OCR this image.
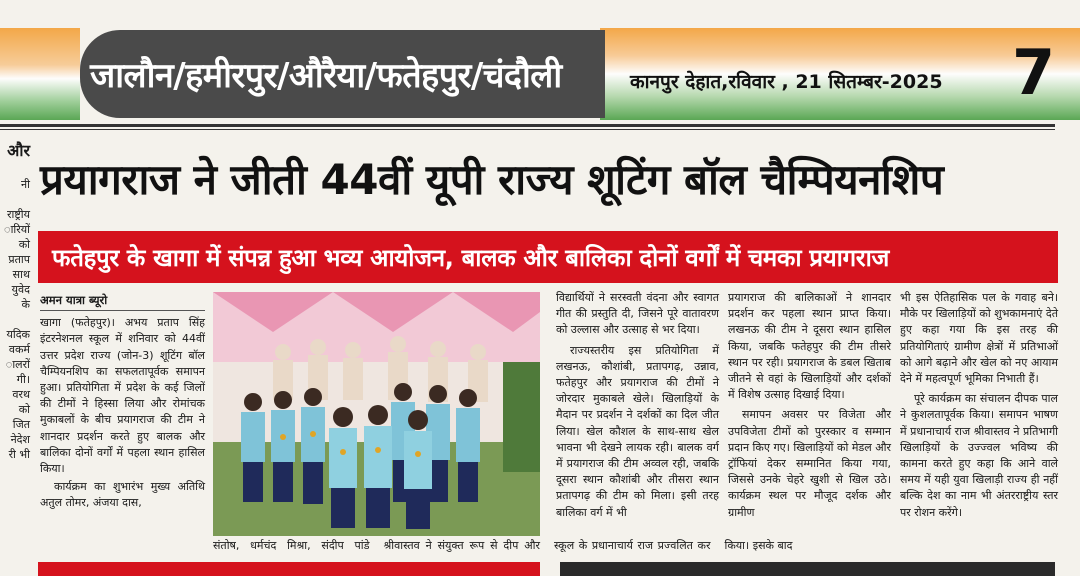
जालौन/हमीरपुर/औरैया/फतेहपुर/चंदौली	कानपुर देहात,रविवार , 21 सितम्बर-2025 7
और

नी

राष्ट्रीय
ारियों
को
प्रताप
साथ
युवेद
के

यदिक
वकर्म
ालरों
गी।
वरथ
को
जित
नेदेश
री भी
प्रयागराज ने जीती 44वीं यूपी राज्य शूटिंग बॉल चैम्पियनशिप
फतेहपुर के खागा में संपन्न हुआ भव्य आयोजन, बालक और बालिका दोनों वर्गों में चमका प्रयागराज
अमन यात्रा ब्यूरो

खागा (फतेहपुर)। अभय प्रताप सिंह इंटरनेशनल स्कूल में शनिवार को 44वीं उत्तर प्रदेश राज्य (जोन-3) शूटिंग बॉल चैम्पियनशिप का सफलतापूर्वक समापन हुआ। प्रतियोगिता में प्रदेश के कई जिलों की टीमों ने हिस्सा लिया और रोमांचक मुकाबलों के बीच प्रयागराज की टीम ने शानदार प्रदर्शन करते हुए बालक और बालिका दोनों वर्गों में पहला स्थान हासिल किया।

कार्यक्रम का शुभारंभ मुख्य अतिथि अतुल तोमर, अंजया दास,

संतोष, धर्मचंद मिश्रा, संदीप पांडे श्रीवास्तव ने संयुक्त रूप से दीप और स्कूल के प्रधानाचार्य राज प्रज्वलित कर किया। इसके बाद

विद्यार्थियों ने सरस्वती वंदना और स्वागत गीत की प्रस्तुति दी, जिसने पूरे वातावरण को उल्लास और उत्साह से भर दिया।

राज्यस्तरीय इस प्रतियोगिता में लखनऊ, कौशांबी, प्रतापगढ़, उन्नाव, फतेहपुर और प्रयागराज की टीमों ने जोरदार मुकाबले खेले। खिलाड़ियों के मैदान पर प्रदर्शन ने दर्शकों का दिल जीत लिया। खेल कौशल के साथ-साथ खेल भावना भी देखने लायक रही। बालक वर्ग में प्रयागराज की टीम अव्वल रही, जबकि दूसरा स्थान कौशांबी और तीसरा स्थान प्रतापगढ़ की टीम को मिला। इसी तरह बालिका वर्ग में भी

प्रयागराज की बालिकाओं ने शानदार प्रदर्शन कर पहला स्थान प्राप्त किया। लखनऊ की टीम ने दूसरा स्थान हासिल किया, जबकि फतेहपुर की टीम तीसरे स्थान पर रही। प्रयागराज के डबल खिताब जीतने से वहां के खिलाड़ियों और दर्शकों में विशेष उत्साह दिखाई दिया।

समापन अवसर पर विजेता और उपविजेता टीमों को पुरस्कार व सम्मान प्रदान किए गए। खिलाड़ियों को मेडल और ट्रॉफियां देकर सम्मानित किया गया, जिससे उनके चेहरे खुशी से खिल उठे। कार्यक्रम स्थल पर मौजूद दर्शक और ग्रामीण

भी इस ऐतिहासिक पल के गवाह बने। मौके पर खिलाड़ियों को शुभकामनाएं देते हुए कहा गया कि इस तरह की प्रतियोगिताएं ग्रामीण क्षेत्रों में प्रतिभाओं को आगे बढ़ाने और खेल को नए आयाम देने में महत्वपूर्ण भूमिका निभाती हैं।

पूरे कार्यक्रम का संचालन दीपक पाल ने कुशलतापूर्वक किया। समापन भाषण में प्रधानाचार्य राज श्रीवास्तव ने प्रतिभागी खिलाड़ियों के उज्ज्वल भविष्य की कामना करते हुए कहा कि आने वाले समय में यही युवा खिलाड़ी राज्य ही नहीं बल्कि देश का नाम भी अंतरराष्ट्रीय स्तर पर रोशन करेंगे।
